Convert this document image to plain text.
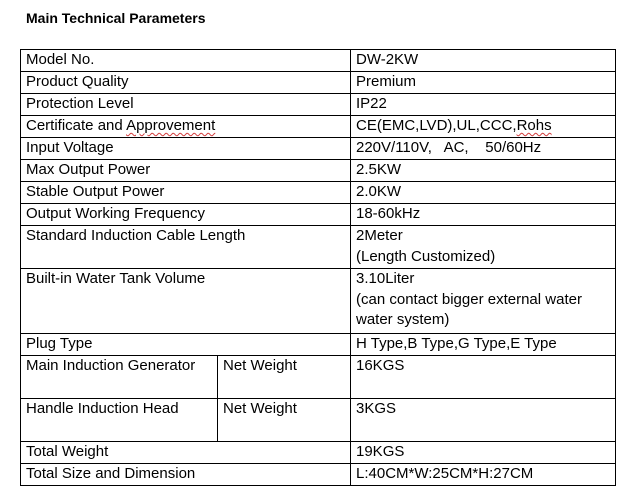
Main Technical Parameters
Model No.		DW-2KW
Product Quality		Premium
Protection Level		IP22
Certificate and Approvement		CE(EMC,LVD),UL,CCC,Rohs
Input Voltage		220V/110V,   AC,    50/60Hz
Max Output Power		2.5KW
Stable Output Power		2.0KW
Output Working Frequency		18-60kHz
Standard Induction Cable Length		2Meter
(Length Customized)

Built-in Water Tank Volume		3.10Liter
(can contact bigger external water
water system)

Plug Type		H Type,B Type,G Type,E Type
Main Induction Generator	Net Weight	16KGS
Handle Induction Head	Net Weight	3KGS
Total Weight		19KGS
Total Size and Dimension		L:40CM*W:25CM*H:27CM
